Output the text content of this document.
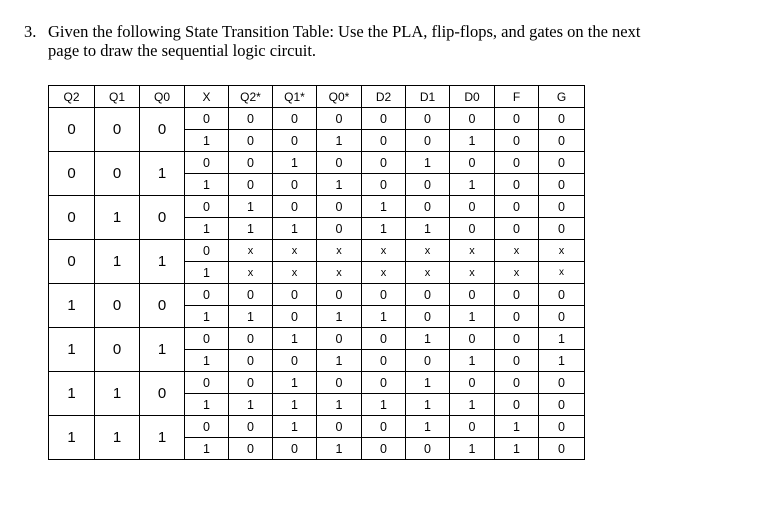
3. Given the following State Transition Table: Use the PLA, flip-flops, and gates on the next
page to draw the sequential logic circuit.
Q2	Q1	Q0	X	Q2*	Q1*	Q0*	D2	D1	D0	F	G
0	0	0	0	0	0	0	0	0	0	0	0
			1	0	0	1	0	0	1	0	0
0	0	1	0	0	1	0	0	1	0	0	0
			1	0	0	1	0	0	1	0	0
0	1	0	0	1	0	0	1	0	0	0	0
			1	1	1	0	1	1	0	0	0
0	1	1	0	x	x	x	x	x	x	x	x
			1	x	x	x	x	x	x	x	x
1	0	0	0	0	0	0	0	0	0	0	0
			1	1	0	1	1	0	1	0	0
1	0	1	0	0	1	0	0	1	0	0	1
			1	0	0	1	0	0	1	0	1
1	1	0	0	0	1	0	0	1	0	0	0
			1	1	1	1	1	1	1	0	0
1	1	1	0	0	1	0	0	1	0	1	0
			1	0	0	1	0	0	1	1	0
